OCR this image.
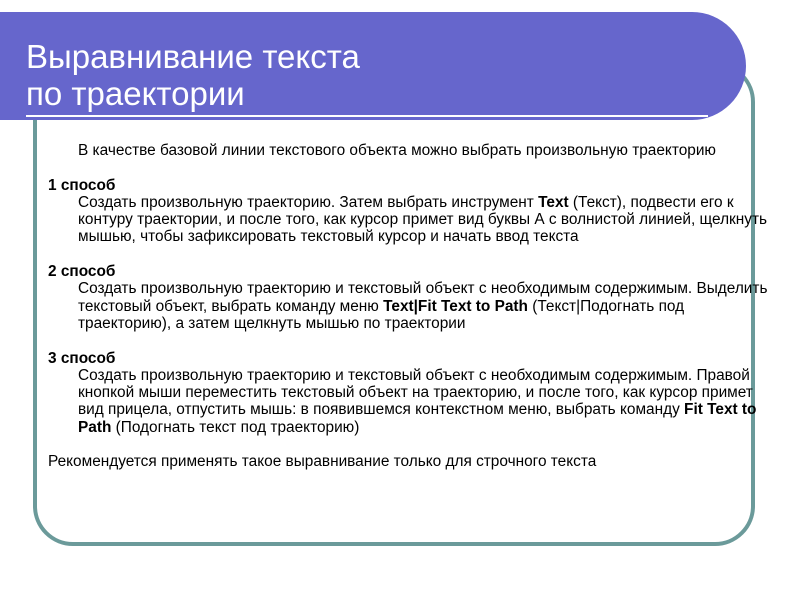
Выравнивание текста
по траектории

В качестве базовой линии текстового объекта можно выбрать произвольную траекторию

1 способ
Создать произвольную траекторию. Затем выбрать инструмент Text (Текст), подвести его к контуру траектории, и после того, как курсор примет вид буквы А с волнистой линией, щелкнуть мышью, чтобы зафиксировать текстовый курсор и начать ввод текста

2 способ
Создать произвольную траекторию и текстовый объект с необходимым содержимым. Выделить текстовый объект, выбрать команду меню Text|Fit Text to Path (Текст|Подогнать под траекторию), а затем щелкнуть мышью по траектории

3 способ
Создать произвольную траекторию и текстовый объект с необходимым содержимым. Правой кнопкой мыши переместить текстовый объект на траекторию, и после того, как курсор примет вид прицела, отпустить мышь: в появившемся контекстном меню, выбрать команду Fit Text to Path (Подогнать текст под траекторию)

Рекомендуется применять такое выравнивание только для строчного текста
